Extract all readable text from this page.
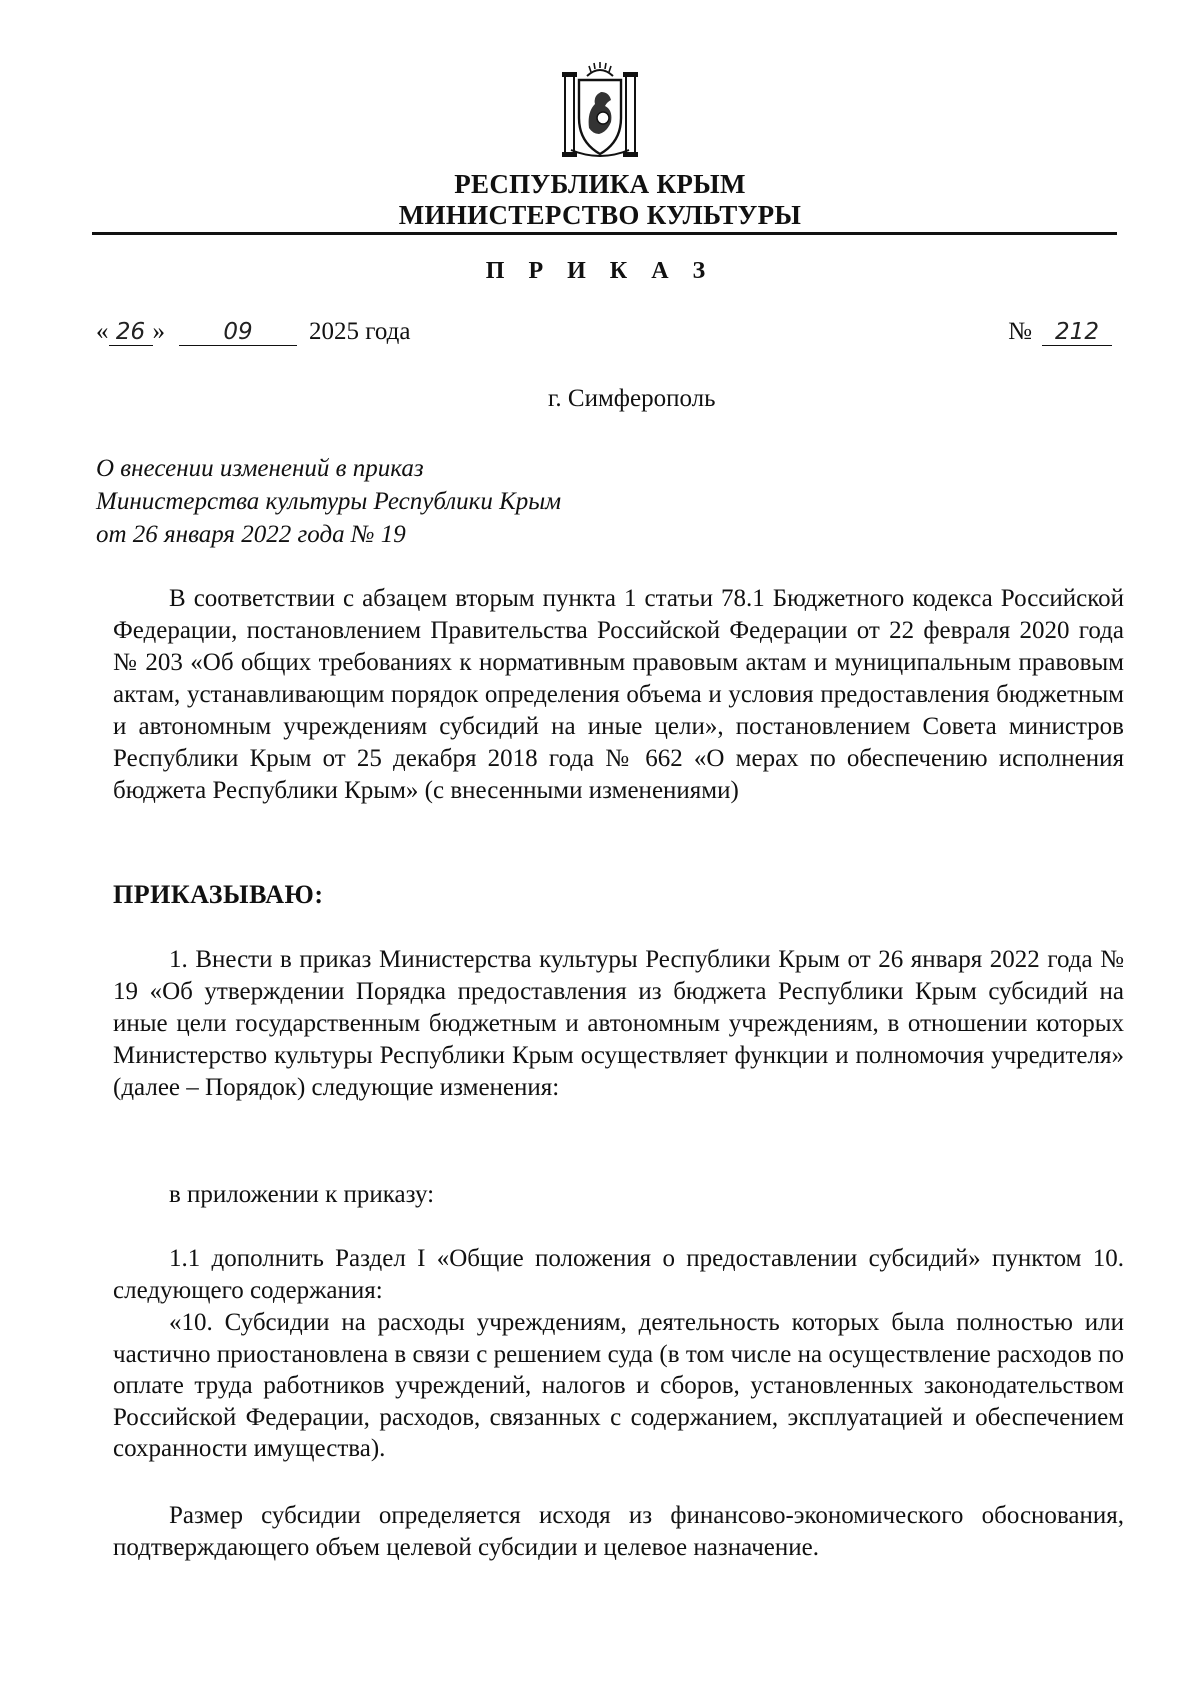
РЕСПУБЛИКА КРЫМ
МИНИСТЕРСТВО КУЛЬТУРЫ
П Р И К А З
« 26 »	09	2025 года	№	212
г. Симферополь
О внесении изменений в приказ
Министерства культуры Республики Крым
от 26 января 2022 года № 19
В соответствии с абзацем вторым пункта 1 статьи 78.1 Бюджетного кодекса Российской Федерации, постановлением Правительства Российской Федерации от 22 февраля 2020 года № 203 «Об общих требованиях к нормативным правовым актам и муниципальным правовым актам, устанавливающим порядок определения объема и условия предоставления бюджетным и автономным учреждениям субсидий на иные цели», постановлением Совета министров Республики Крым от 25 декабря 2018 года № 662 «О мерах по обеспечению исполнения бюджета Республики Крым» (с внесенными изменениями)
ПРИКАЗЫВАЮ:
1. Внести в приказ Министерства культуры Республики Крым от 26 января 2022 года № 19 «Об утверждении Порядка предоставления из бюджета Республики Крым субсидий на иные цели государственным бюджетным и автономным учреждениям, в отношении которых Министерство культуры Республики Крым осуществляет функции и полномочия учредителя» (далее – Порядок) следующие изменения:
в приложении к приказу:
1.1 дополнить Раздел I «Общие положения о предоставлении субсидий» пунктом 10. следующего содержания:
«10. Субсидии на расходы учреждениям, деятельность которых была полностью или частично приостановлена в связи с решением суда (в том числе на осуществление расходов по оплате труда работников учреждений, налогов и сборов, установленных законодательством Российской Федерации, расходов, связанных с содержанием, эксплуатацией и обеспечением сохранности имущества).
Размер субсидии определяется исходя из финансово-экономического обоснования, подтверждающего объем целевой субсидии и целевое назначение.
